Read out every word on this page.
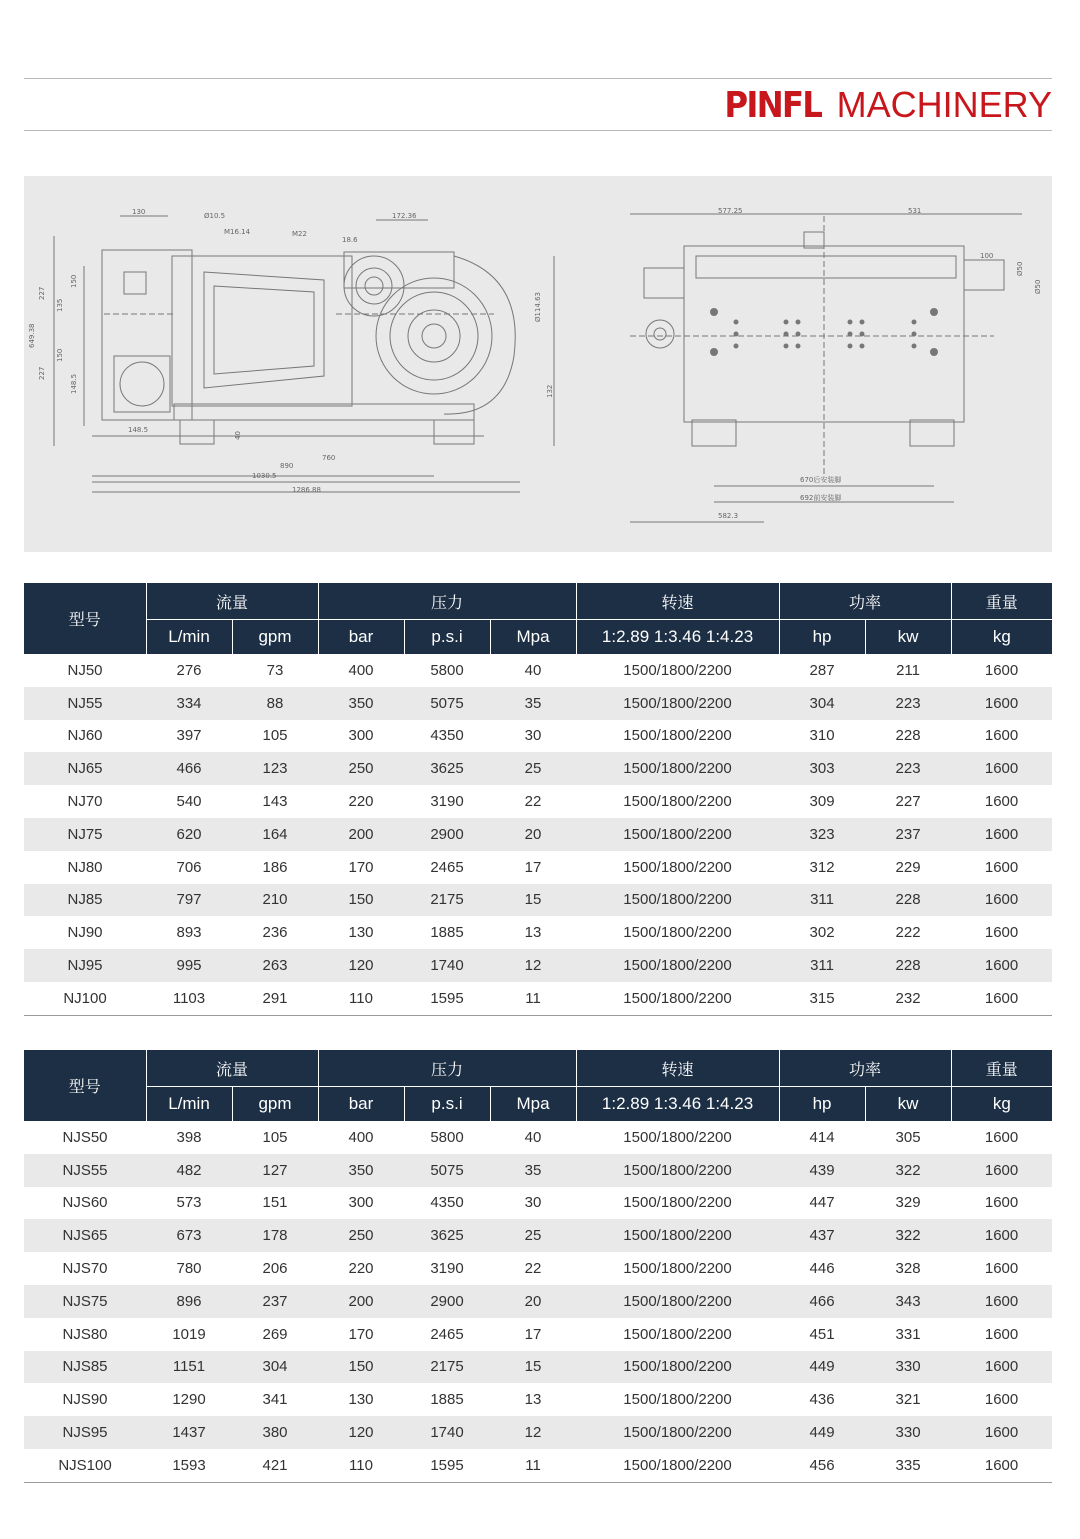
PINFL MACHINERY
130	Ø10.5
M16.14	M22
172.36
18.6
227
135
150
649.38
227
150
148.5
148.5
40
132
760
890
1030.5
1286.88
Ø114.63
577.25	531
100
Ø50
Ø50
670后安装脚
692前安装脚
582.3
型号	流量		压力			转速	功率		重量
	L/min	gpm	bar	p.s.i	Mpa	1:2.89 1:3.46 1:4.23	hp	kw	kg
NJ50	276	73	400	5800	40	1500/1800/2200	287	211	1600
NJ55	334	88	350	5075	35	1500/1800/2200	304	223	1600
NJ60	397	105	300	4350	30	1500/1800/2200	310	228	1600
NJ65	466	123	250	3625	25	1500/1800/2200	303	223	1600
NJ70	540	143	220	3190	22	1500/1800/2200	309	227	1600
NJ75	620	164	200	2900	20	1500/1800/2200	323	237	1600
NJ80	706	186	170	2465	17	1500/1800/2200	312	229	1600
NJ85	797	210	150	2175	15	1500/1800/2200	311	228	1600
NJ90	893	236	130	1885	13	1500/1800/2200	302	222	1600
NJ95	995	263	120	1740	12	1500/1800/2200	311	228	1600
NJ100	1103	291	110	1595	11	1500/1800/2200	315	232	1600
型号	流量		压力			转速	功率		重量
	L/min	gpm	bar	p.s.i	Mpa	1:2.89 1:3.46 1:4.23	hp	kw	kg
NJS50	398	105	400	5800	40	1500/1800/2200	414	305	1600
NJS55	482	127	350	5075	35	1500/1800/2200	439	322	1600
NJS60	573	151	300	4350	30	1500/1800/2200	447	329	1600
NJS65	673	178	250	3625	25	1500/1800/2200	437	322	1600
NJS70	780	206	220	3190	22	1500/1800/2200	446	328	1600
NJS75	896	237	200	2900	20	1500/1800/2200	466	343	1600
NJS80	1019	269	170	2465	17	1500/1800/2200	451	331	1600
NJS85	1151	304	150	2175	15	1500/1800/2200	449	330	1600
NJS90	1290	341	130	1885	13	1500/1800/2200	436	321	1600
NJS95	1437	380	120	1740	12	1500/1800/2200	449	330	1600
NJS100	1593	421	110	1595	11	1500/1800/2200	456	335	1600
